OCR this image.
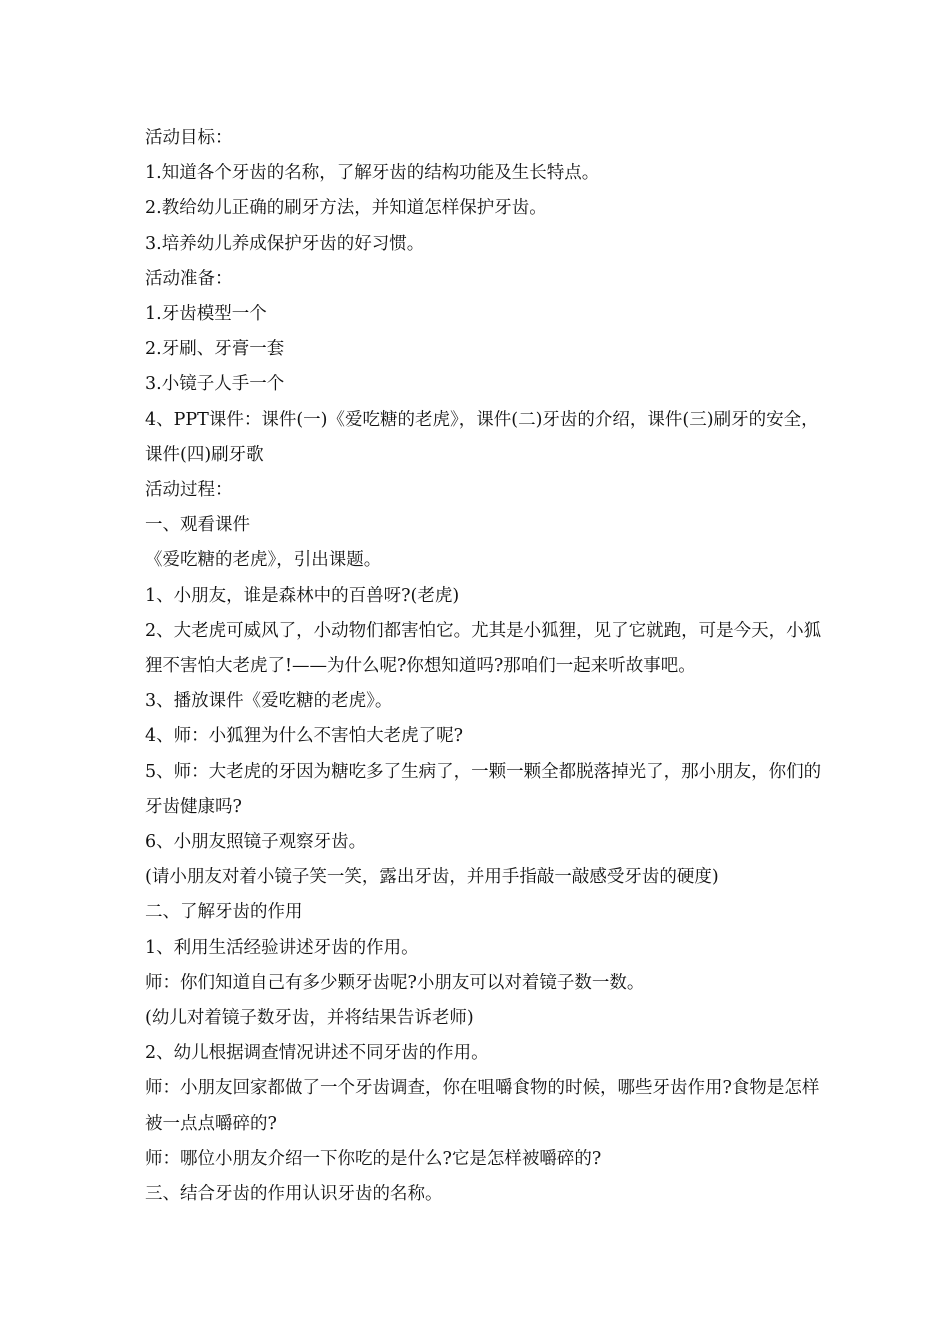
活动目标：

1.知道各个牙齿的名称，了解牙齿的结构功能及生长特点。

2.教给幼儿正确的刷牙方法，并知道怎样保护牙齿。

3.培养幼儿养成保护牙齿的好习惯。

活动准备：

1.牙齿模型一个

2.牙刷、牙膏一套

3.小镜子人手一个

4、PPT课件：课件(一)《爱吃糖的老虎》，课件(二)牙齿的介绍，课件(三)刷牙的安全，课件(四)刷牙歌

活动过程：

一、观看课件

《爱吃糖的老虎》，引出课题。

1、小朋友，谁是森林中的百兽呀?(老虎)

2、大老虎可威风了，小动物们都害怕它。尤其是小狐狸，见了它就跑，可是今天，小狐狸不害怕大老虎了!——为什么呢?你想知道吗?那咱们一起来听故事吧。

3、播放课件《爱吃糖的老虎》。

4、师：小狐狸为什么不害怕大老虎了呢?

5、师：大老虎的牙因为糖吃多了生病了，一颗一颗全都脱落掉光了，那小朋友，你们的牙齿健康吗?

6、小朋友照镜子观察牙齿。

(请小朋友对着小镜子笑一笑，露出牙齿，并用手指敲一敲感受牙齿的硬度)

二、了解牙齿的作用

1、利用生活经验讲述牙齿的作用。

师：你们知道自己有多少颗牙齿呢?小朋友可以对着镜子数一数。

(幼儿对着镜子数牙齿，并将结果告诉老师)

2、幼儿根据调查情况讲述不同牙齿的作用。

师：小朋友回家都做了一个牙齿调查，你在咀嚼食物的时候，哪些牙齿作用?食物是怎样被一点点嚼碎的?

师：哪位小朋友介绍一下你吃的是什么?它是怎样被嚼碎的?

三、结合牙齿的作用认识牙齿的名称。
